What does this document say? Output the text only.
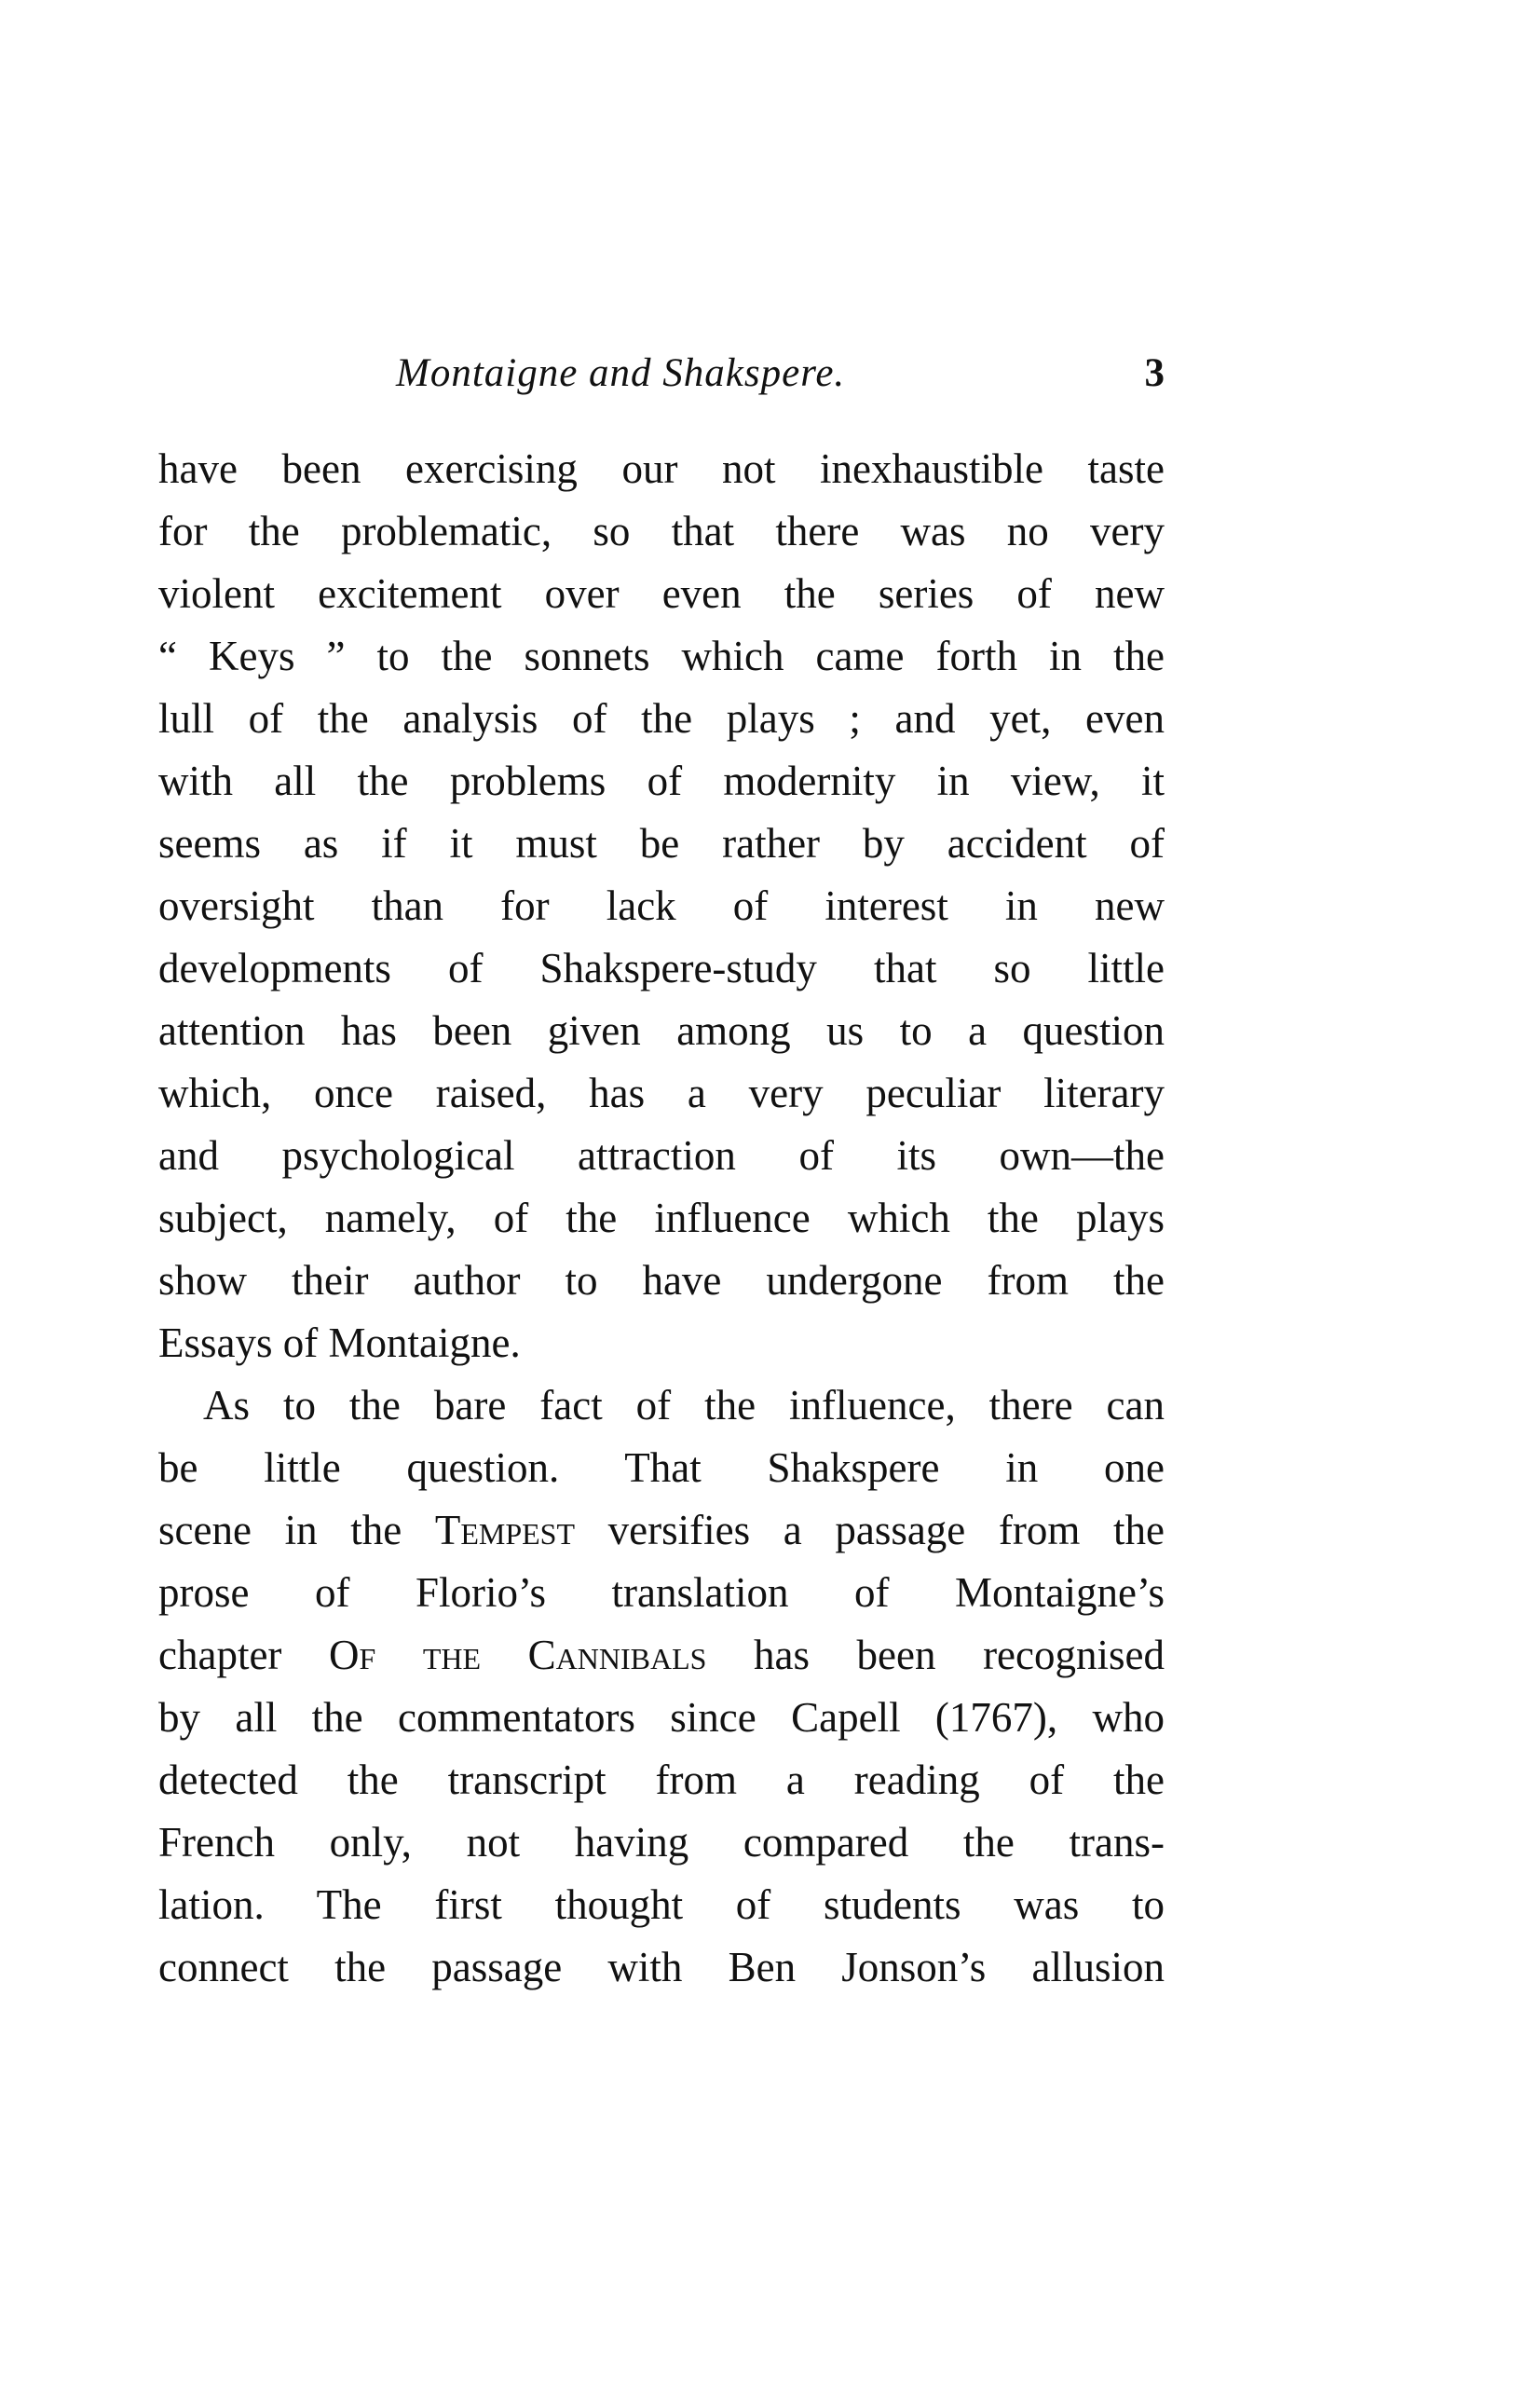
Montaigne and Shakspere.	3
have been exercising our not inexhaustible taste
for the problematic, so that there was no very
violent excitement over even the series of new
“ Keys ” to the sonnets which came forth in the
lull of the analysis of the plays ; and yet, even
with all the problems of modernity in view, it
seems as if it must be rather by accident of
oversight than for lack of interest in new
developments of Shakspere-study that so little
attention has been given among us to a question
which, once raised, has a very peculiar literary
and psychological attraction of its own—the
subject, namely, of the influence which the plays
show their author to have undergone from the
Essays of Montaigne.
As to the bare fact of the influence, there can
be little question. That Shakspere in one
scene in the Tempest versifies a passage from the
prose of Florio’s translation of Montaigne’s
chapter Of the Cannibals has been recognised
by all the commentators since Capell (1767), who
detected the transcript from a reading of the
French only, not having compared the trans-
lation. The first thought of students was to
connect the passage with Ben Jonson’s allusion
